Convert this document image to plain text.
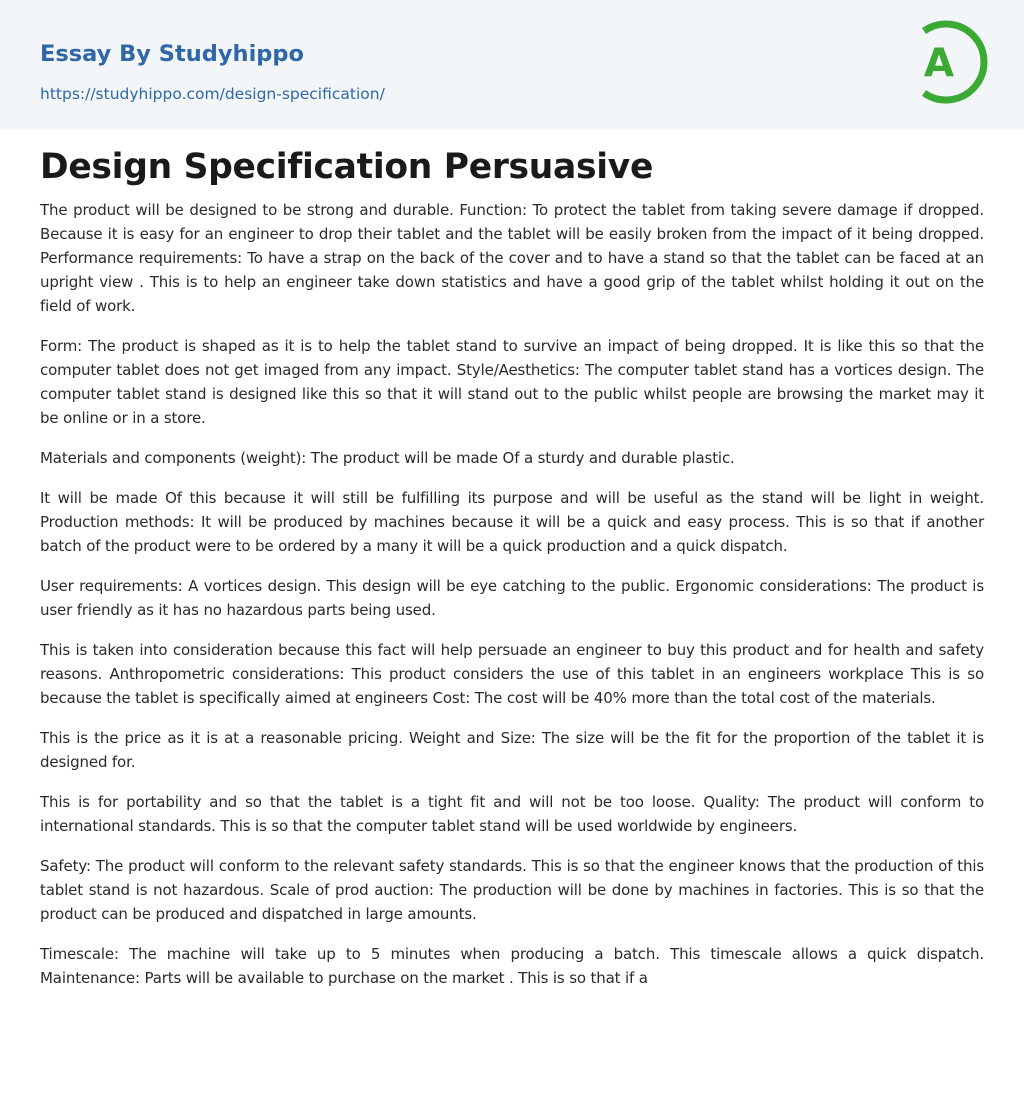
Essay By Studyhippo
https://studyhippo.com/design-specification/
A
Design Specification Persuasive

The product will be designed to be strong and durable. Function: To protect the tablet from taking severe damage if dropped. Because it is easy for an engineer to drop their tablet and the tablet will be easily broken from the impact of it being dropped. Performance requirements: To have a strap on the back of the cover and to have a stand so that the tablet can be faced at an upright view . This is to help an engineer take down statistics and have a good grip of the tablet whilst holding it out on the field of work.

Form: The product is shaped as it is to help the tablet stand to survive an impact of being dropped. It is like this so that the computer tablet does not get imaged from any impact. Style/Aesthetics: The computer tablet stand has a vortices design. The computer tablet stand is designed like this so that it will stand out to the public whilst people are browsing the market may it be online or in a store.

Materials and components (weight): The product will be made Of a sturdy and durable plastic.

It will be made Of this because it will still be fulfilling its purpose and will be useful as the stand will be light in weight. Production methods: It will be produced by machines because it will be a quick and easy process. This is so that if another batch of the product were to be ordered by a many it will be a quick production and a quick dispatch.

User requirements: A vortices design. This design will be eye catching to the public. Ergonomic considerations: The product is user friendly as it has no hazardous parts being used.

This is taken into consideration because this fact will help persuade an engineer to buy this product and for health and safety reasons. Anthropometric considerations: This product considers the use of this tablet in an engineers workplace This is so because the tablet is specifically aimed at engineers Cost: The cost will be 40% more than the total cost of the materials.

This is the price as it is at a reasonable pricing. Weight and Size: The size will be the fit for the proportion of the tablet it is designed for.

This is for portability and so that the tablet is a tight fit and will not be too loose. Quality: The product will conform to international standards. This is so that the computer tablet stand will be used worldwide by engineers.

Safety: The product will conform to the relevant safety standards. This is so that the engineer knows that the production of this tablet stand is not hazardous. Scale of prod auction: The production will be done by machines in factories. This is so that the product can be produced and dispatched in large amounts.

Timescale: The machine will take up to 5 minutes when producing a batch. This timescale allows a quick dispatch. Maintenance: Parts will be available to purchase on the market . This is so that if a
